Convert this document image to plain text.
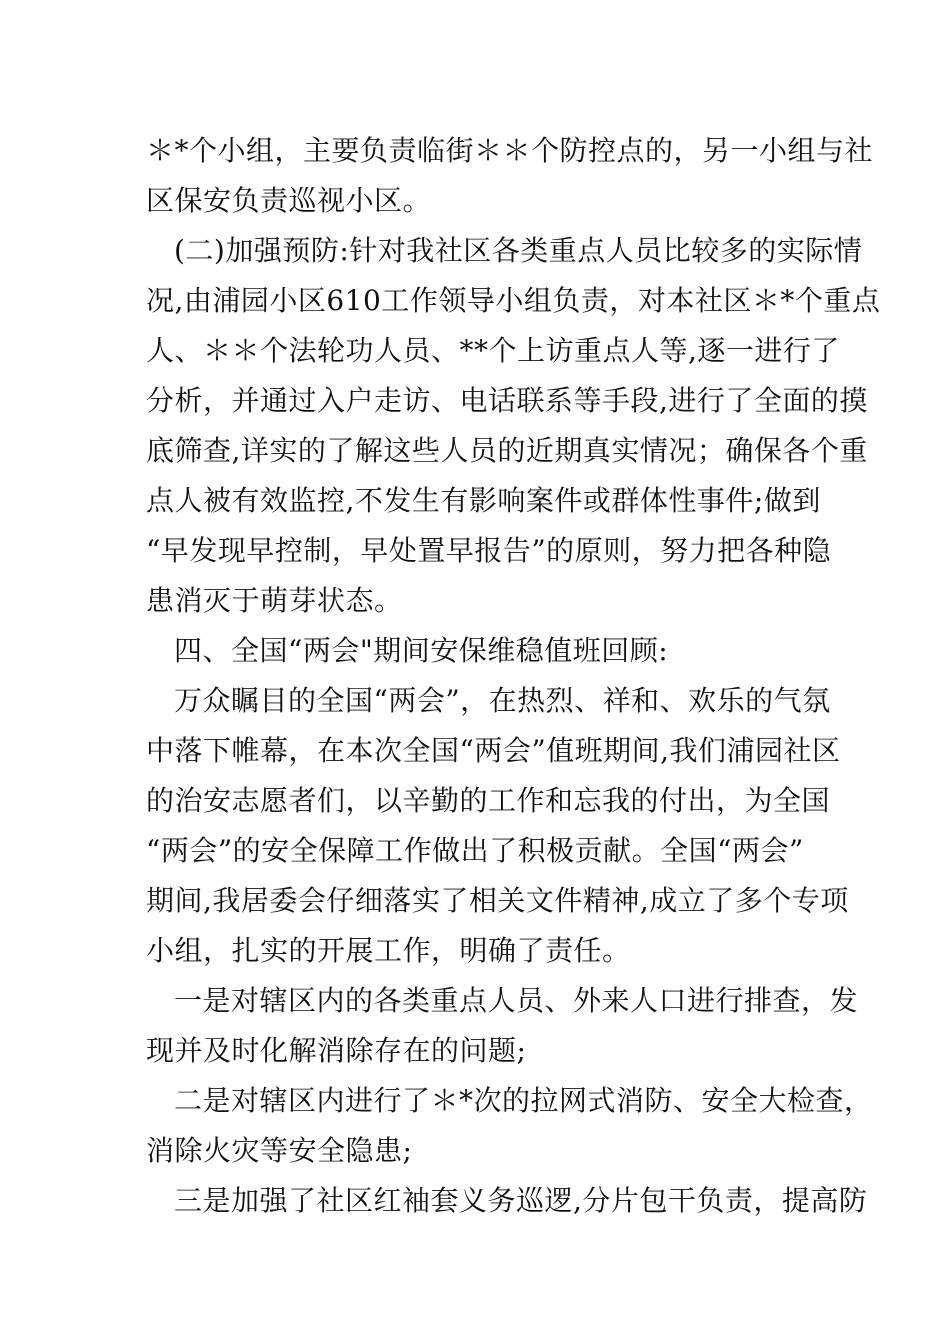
＊*个小组，主要负责临街＊＊个防控点的，另一小组与社
区保安负责巡视小区。
(二)加强预防:针对我社区各类重点人员比较多的实际情
况,由浦园小区610工作领导小组负责，对本社区＊*个重点
人、＊＊个法轮功人员、**个上访重点人等,逐一进行了
分析，并通过入户走访、电话联系等手段,进行了全面的摸
底筛查,详实的了解这些人员的近期真实情况；确保各个重
点人被有效监控,不发生有影响案件或群体性事件;做到
“早发现早控制，早处置早报告”的原则，努力把各种隐
患消灭于萌芽状态。
四、全国“两会"期间安保维稳值班回顾:
万众瞩目的全国“两会”，在热烈、祥和、欢乐的气氛
中落下帷幕，在本次全国“两会”值班期间,我们浦园社区
的治安志愿者们，以辛勤的工作和忘我的付出，为全国
“两会”的安全保障工作做出了积极贡献。全国“两会”
期间,我居委会仔细落实了相关文件精神,成立了多个专项
小组，扎实的开展工作，明确了责任。
一是对辖区内的各类重点人员、外来人口进行排查，发
现并及时化解消除存在的问题;
二是对辖区内进行了＊*次的拉网式消防、安全大检查，
消除火灾等安全隐患;
三是加强了社区红袖套义务巡逻,分片包干负责，提高防
